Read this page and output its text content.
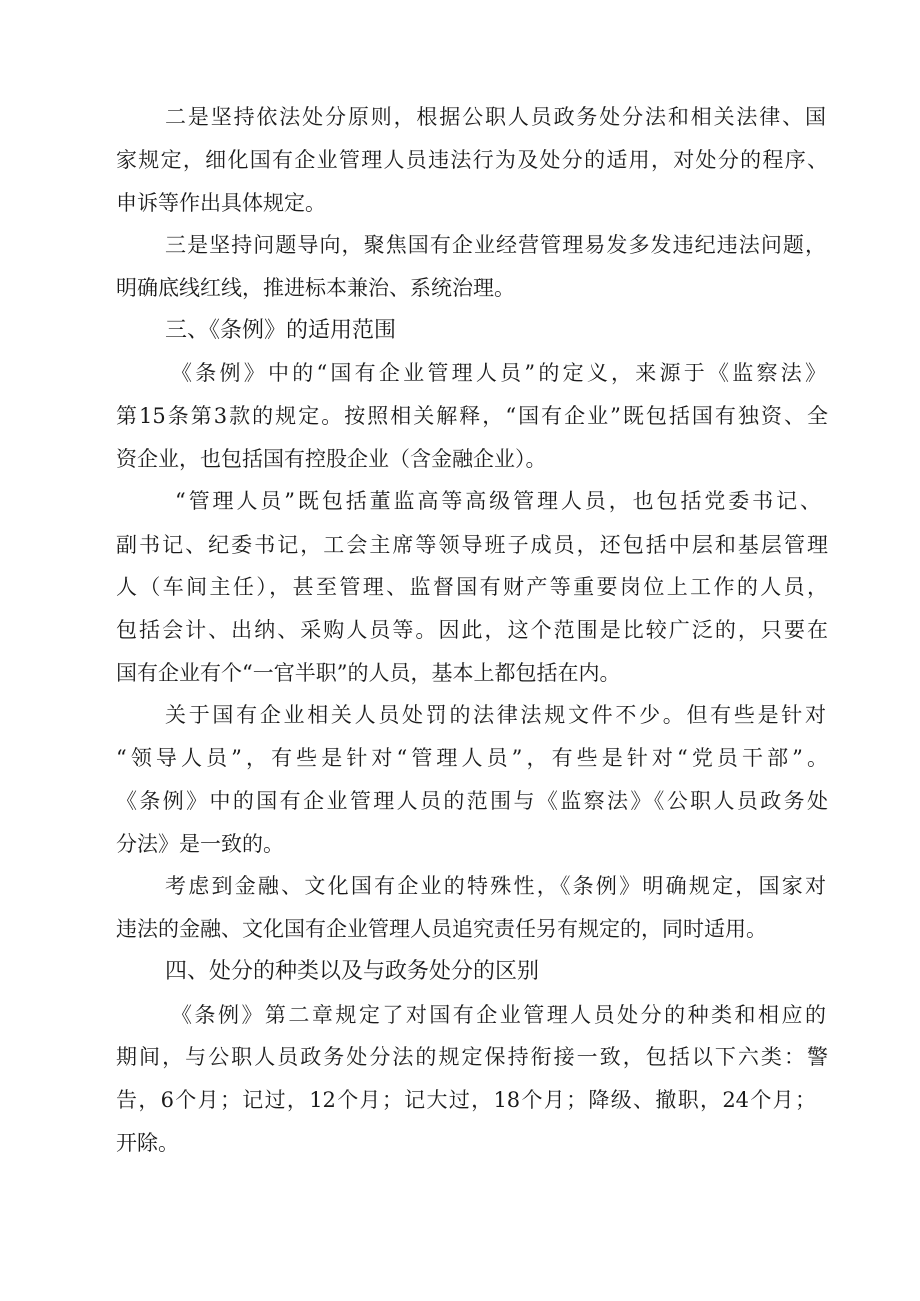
二是坚持依法处分原则，根据公职人员政务处分法和相关法律、国
家规定，细化国有企业管理人员违法行为及处分的适用，对处分的程序、
申诉等作出具体规定。
三是坚持问题导向，聚焦国有企业经营管理易发多发违纪违法问题，
明确底线红线，推进标本兼治、系统治理。
三、《条例》的适用范围
《条例》中的“国有企业管理人员”的定义，来源于《监察法》
第15条第3款的规定。按照相关解释，“国有企业”既包括国有独资、全
资企业，也包括国有控股企业（含金融企业）。
“管理人员”既包括董监高等高级管理人员，也包括党委书记、
副书记、纪委书记，工会主席等领导班子成员，还包括中层和基层管理
人（车间主任），甚至管理、监督国有财产等重要岗位上工作的人员，
包括会计、出纳、采购人员等。因此，这个范围是比较广泛的，只要在
国有企业有个“一官半职”的人员，基本上都包括在内。
关于国有企业相关人员处罚的法律法规文件不少。但有些是针对
“领导人员”，有些是针对“管理人员”，有些是针对“党员干部”。
《条例》中的国有企业管理人员的范围与《监察法》《公职人员政务处
分法》是一致的。
考虑到金融、文化国有企业的特殊性，《条例》明确规定，国家对
违法的金融、文化国有企业管理人员追究责任另有规定的，同时适用。
四、处分的种类以及与政务处分的区别
《条例》第二章规定了对国有企业管理人员处分的种类和相应的
期间，与公职人员政务处分法的规定保持衔接一致，包括以下六类：警
告，6个月；记过，12个月；记大过，18个月；降级、撤职，24个月；
开除。
